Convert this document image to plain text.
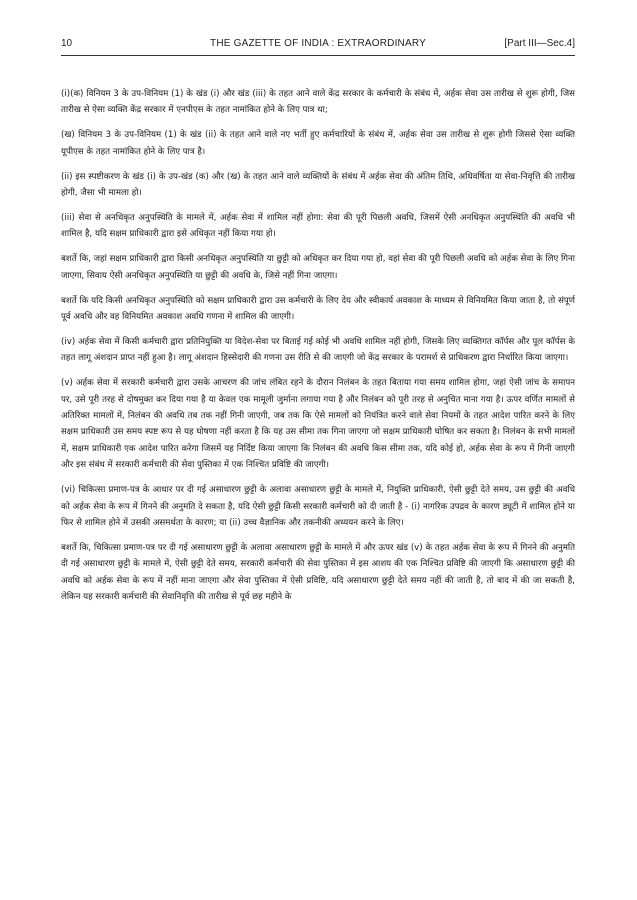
10	THE GAZETTE OF INDIA : EXTRAORDINARY	[Part III—Sec.4]

(i)(क) विनियम 3 के उप-विनियम (1) के खंड (i) और खंड (iii) के तहत आने वाले केंद्र सरकार के कर्मचारी के संबंध में, अर्हक सेवा उस तारीख से शुरू होगी, जिस तारीख से ऐसा व्यक्ति केंद्र सरकार में एनपीएस के तहत नामांकित होने के लिए पात्र था;

(ख) विनियम 3 के उप-विनियम (1) के खंड (ii) के तहत आने वाले नए भर्ती हुए कर्मचारियों के संबंध में, अर्हक सेवा उस तारीख से शुरू होगी जिससे ऐसा व्यक्ति यूपीएस के तहत नामांकित होने के लिए पात्र है।

(ii) इस स्पष्टीकरण के खंड (i) के उप-खंड (क) और (ख) के तहत आने वाले व्यक्तियों के संबंध में अर्हक सेवा की अंतिम तिथि, अधिवर्षिता या सेवा-निवृत्ति की तारीख होगी, जैसा भी मामला हो।

(iii) सेवा से अनधिकृत अनुपस्थिति के मामले में, अर्हक सेवा में शामिल नहीं होगा: सेवा की पूरी पिछली अवधि, जिसमें ऐसी अनधिकृत अनुपस्थिति की अवधि भी शामिल है, यदि सक्षम प्राधिकारी द्वारा इसे अधिकृत नहीं किया गया हो।

बशर्ते कि, जहां सक्षम प्राधिकारी द्वारा किसी अनधिकृत अनुपस्थिति या छुट्टी को अधिकृत कर दिया गया हो, वहां सेवा की पूरी पिछली अवधि को अर्हक सेवा के लिए गिना जाएगा, सिवाय ऐसी अनधिकृत अनुपस्थिति या छुट्टी की अवधि के, जिसे नहीं गिना जाएगा।

बशर्ते कि यदि किसी अनधिकृत अनुपस्थिति को सक्षम प्राधिकारी द्वारा उस कर्मचारी के लिए देय और स्वीकार्य अवकाश के माध्यम से विनियमित किया जाता है, तो संपूर्ण पूर्व अवधि और वह विनियमित अवकाश अवधि गणना में शामिल की जाएगी।

(iv) अर्हक सेवा में किसी कर्मचारी द्वारा प्रतिनियुक्ति या विदेश-सेवा पर बिताई गई कोई भी अवधि शामिल नहीं होगी, जिसके लिए व्यक्तिगत कॉर्पस और पूल कॉर्पस के तहत लागू अंशदान प्राप्त नहीं हुआ है। लागू अंशदान हिस्सेदारी की गणना उस रीति से की जाएगी जो केंद्र सरकार के परामर्श से प्राधिकरण द्वारा निर्धारित किया जाएगा।

(v) अर्हक सेवा में सरकारी कर्मचारी द्वारा उसके आचरण की जांच लंबित रहने के दौरान निलंबन के तहत बिताया गया समय शामिल होगा, जहां ऐसी जांच के समापन पर, उसे पूरी तरह से दोषमुक्त कर दिया गया है या केवल एक मामूली जुर्माना लगाया गया है और निलंबन को पूरी तरह से अनुचित माना गया है। ऊपर वर्णित मामलों से अतिरिक्त मामलों में, निलंबन की अवधि तब तक नहीं गिनी जाएगी, जब तक कि ऐसे मामलों को नियंत्रित करने वाले सेवा नियमों के तहत आदेश पारित करने के लिए सक्षम प्राधिकारी उस समय स्पष्ट रूप से यह घोषणा नहीं करता है कि यह उस सीमा तक गिना जाएगा जो सक्षम प्राधिकारी घोषित कर सकता है। निलंबन के सभी मामलों में, सक्षम प्राधिकारी एक आदेश पारित करेगा जिसमें यह निर्दिष्ट किया जाएगा कि निलंबन की अवधि किस सीमा तक, यदि कोई हो, अर्हक सेवा के रूप में गिनी जाएगी और इस संबंध में सरकारी कर्मचारी की सेवा पुस्तिका में एक निश्चित प्रविष्टि की जाएगी।

(vi) चिकित्सा प्रमाण-पत्र के आधार पर दी गई असाधारण छुट्टी के अलावा असाधारण छुट्टी के मामले में, नियुक्ति प्राधिकारी, ऐसी छुट्टी देते समय, उस छुट्टी की अवधि को अर्हक सेवा के रूप में गिनने की अनुमति दे सकता है, यदि ऐसी छुट्टी किसी सरकारी कर्मचारी को दी जाती है - (i) नागरिक उपद्रव के कारण ड्यूटी में शामिल होने या फिर से शामिल होने में उसकी असमर्थता के कारण; या (ii) उच्च वैज्ञानिक और तकनीकी अध्ययन करने के लिए।

बशर्ते कि, चिकित्सा प्रमाण-पत्र पर दी गई असाधारण छुट्टी के अलावा असाधारण छुट्टी के मामले में और ऊपर खंड (v) के तहत अर्हक सेवा के रूप में गिनने की अनुमति दी गई असाधारण छुट्टी के मामले में, ऐसी छुट्टी देते समय, सरकारी कर्मचारी की सेवा पुस्तिका में इस आशय की एक निश्चित प्रविष्टि की जाएगी कि असाधारण छुट्टी की अवधि को अर्हक सेवा के रूप में नहीं माना जाएगा और सेवा पुस्तिका में ऐसी प्रविष्टि, यदि असाधारण छुट्टी देते समय नहीं की जाती है, तो बाद में की जा सकती है, लेकिन यह सरकारी कर्मचारी की सेवानिवृत्ति की तारीख से पूर्व छह महीने के
